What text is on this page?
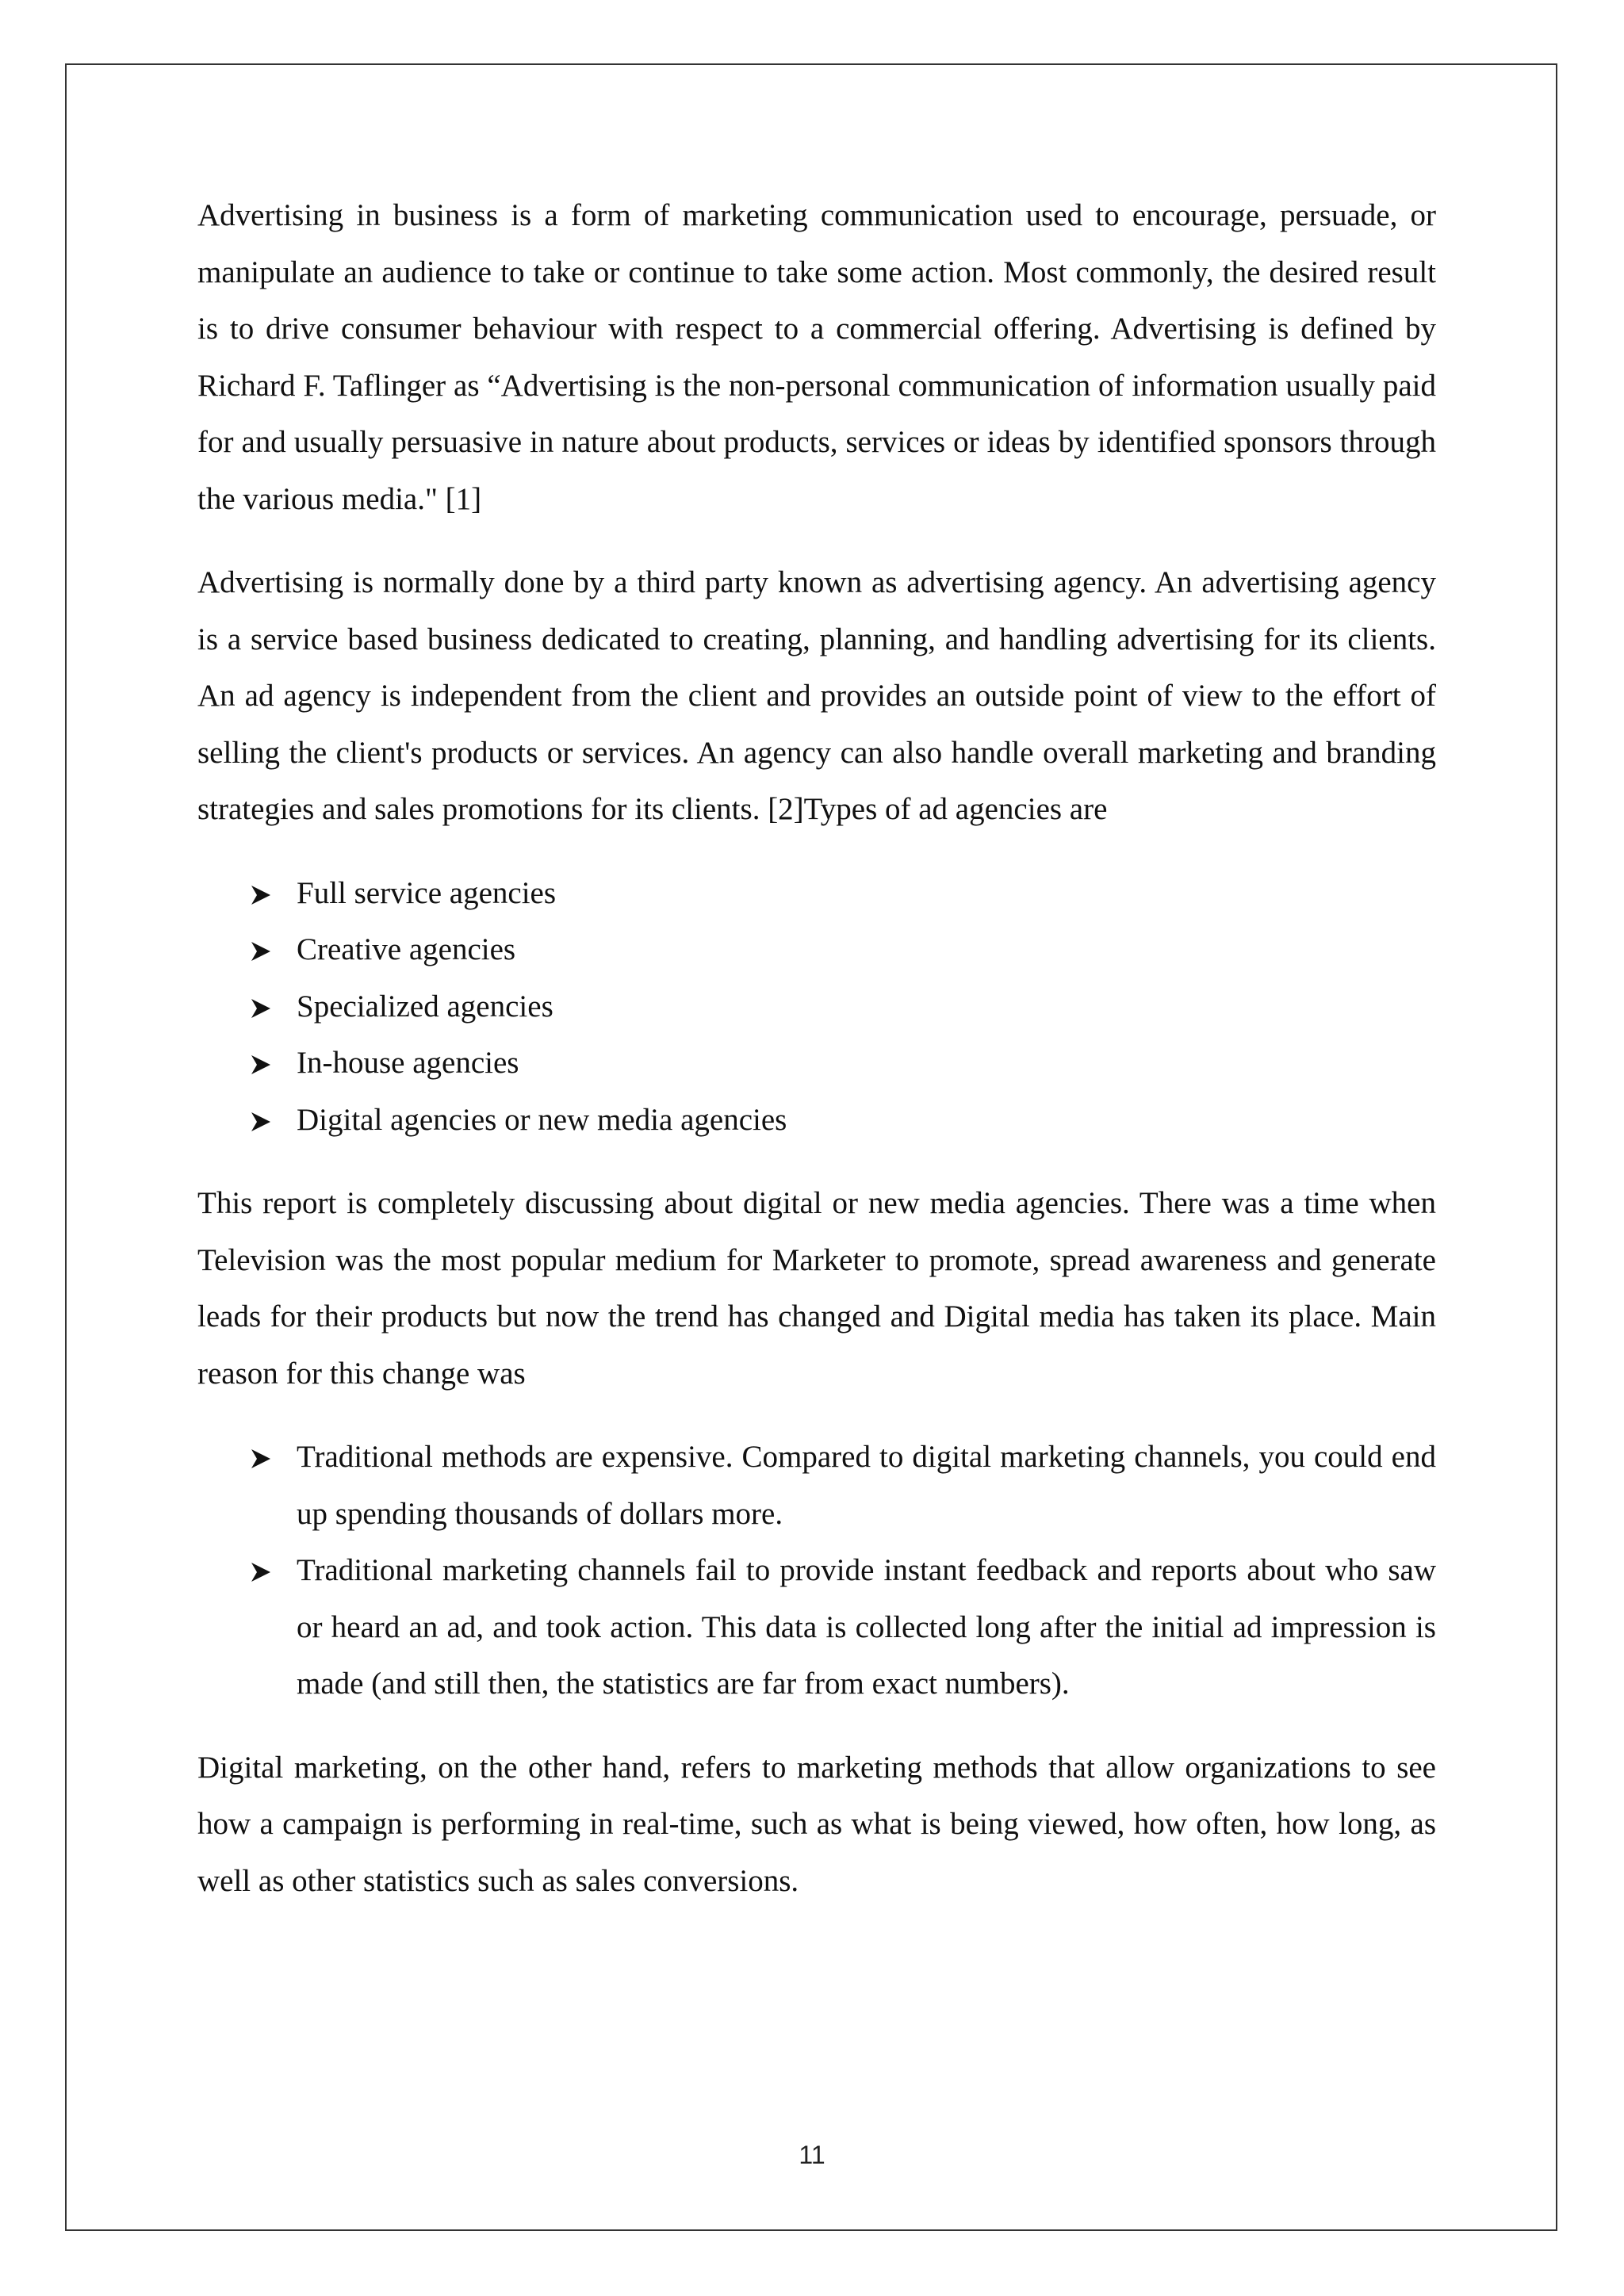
Advertising in business is a form of marketing communication used to encourage, persuade, or manipulate an audience to take or continue to take some action. Most commonly, the desired result is to drive consumer behaviour with respect to a commercial offering. Advertising is defined by Richard F. Taflinger as “Advertising is the non-personal communication of information usually paid for and usually persuasive in nature about products, services or ideas by identified sponsors through the various media." [1]

Advertising is normally done by a third party known as advertising agency. An advertising agency is a service based business dedicated to creating, planning, and handling advertising for its clients. An ad agency is independent from the client and provides an outside point of view to the effort of selling the client's products or services. An agency can also handle overall marketing and branding strategies and sales promotions for its clients. [2]Types of ad agencies are

Full service agencies
Creative agencies
Specialized agencies
In-house agencies
Digital agencies or new media agencies

This report is completely discussing about digital or new media agencies. There was a time when Television was the most popular medium for Marketer to promote, spread awareness and generate leads for their products but now the trend has changed and Digital media has taken its place. Main reason for this change was

Traditional methods are expensive. Compared to digital marketing channels, you could end up spending thousands of dollars more.
Traditional marketing channels fail to provide instant feedback and reports about who saw or heard an ad, and took action. This data is collected long after the initial ad impression is made (and still then, the statistics are far from exact numbers).

Digital marketing, on the other hand, refers to marketing methods that allow organizations to see how a campaign is performing in real-time, such as what is being viewed, how often, how long, as well as other statistics such as sales conversions.

11
